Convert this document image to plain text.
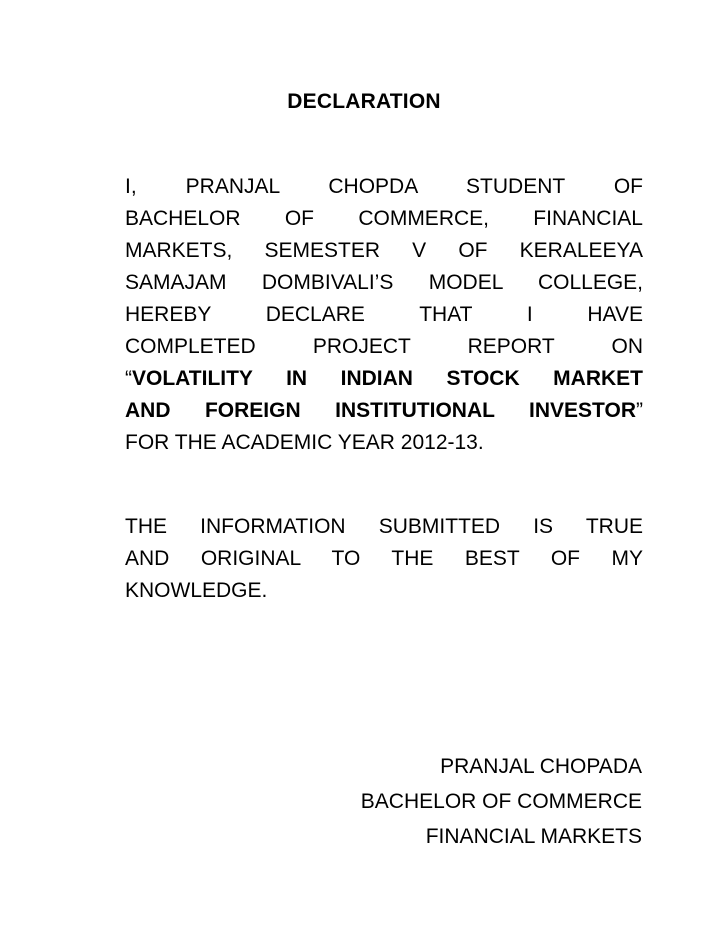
DECLARATION
I, PRANJAL CHOPDA STUDENT OF
BACHELOR OF COMMERCE, FINANCIAL
MARKETS, SEMESTER V OF KERALEEYA
SAMAJAM DOMBIVALI’S MODEL COLLEGE,
HEREBY DECLARE THAT I HAVE
COMPLETED PROJECT REPORT ON
“VOLATILITY IN INDIAN STOCK MARKET
AND FOREIGN INSTITUTIONAL INVESTOR”
FOR THE ACADEMIC YEAR 2012-13.
THE INFORMATION SUBMITTED IS TRUE
AND ORIGINAL TO THE BEST OF MY
KNOWLEDGE.
PRANJAL CHOPADA
BACHELOR OF COMMERCE
FINANCIAL MARKETS
